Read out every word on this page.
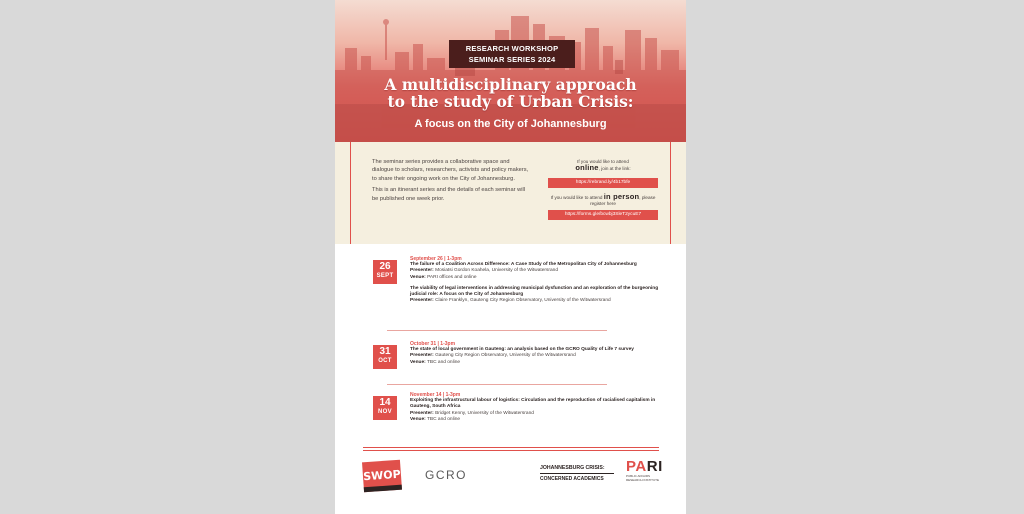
RESEARCH WORKSHOP
SEMINAR SERIES 2024
A multidisciplinary approach
to the study of Urban Crisis:
A focus on the City of Johannesburg

The seminar series provides a collaborative space and dialogue to scholars, researchers, activists and policy makers, to share their ongoing work on the City of Johannesburg.

This is an itinerant series and the details of each seminar will be published one week prior.

If you would like to attend
online, join at the link:
https://rebrand.ly/4b17bfe
If you would like to attend in person, please register here
https://forms.gle/bcwbj3SleT2ycuE7
26
SEPT
September 26 | 1-3pm
The failure of a Coalition Across Difference: A Case Study of the Metropolitan City of Johannesburg
Presenter: Mosiatsi Gordon Koahela, University of the Witwatersrand
Venue: PARI offices and online
The viability of legal interventions in addressing municipal dysfunction and an exploration of the burgeoning judicial role: A focus on the City of Johannesburg
Presenter: Claire Franklyn, Gauteng City Region Observatory, University of the Witwatersrand
31
OCT
October 31 | 1-3pm
The state of local government in Gauteng: an analysis based on the GCRO Quality of Life 7 survey
Presenter: Gauteng City Region Observatory, University of the Witwatersrand
Venue: TBC and online
14
NOV
November 14 | 1-3pm
Exploiting the infrastructural labour of logistics: Circulation and the reproduction of racialised capitalism in Gauteng, South Africa
Presenter: Bridget Kenny, University of the Witwatersrand
Venue: TBC and online
SWOP GCRO	JOHANNESBURG CRISIS:
CONCERNED ACADEMICS
PARI
PUBLIC AFFAIRS RESEARCH INSTITUTE
